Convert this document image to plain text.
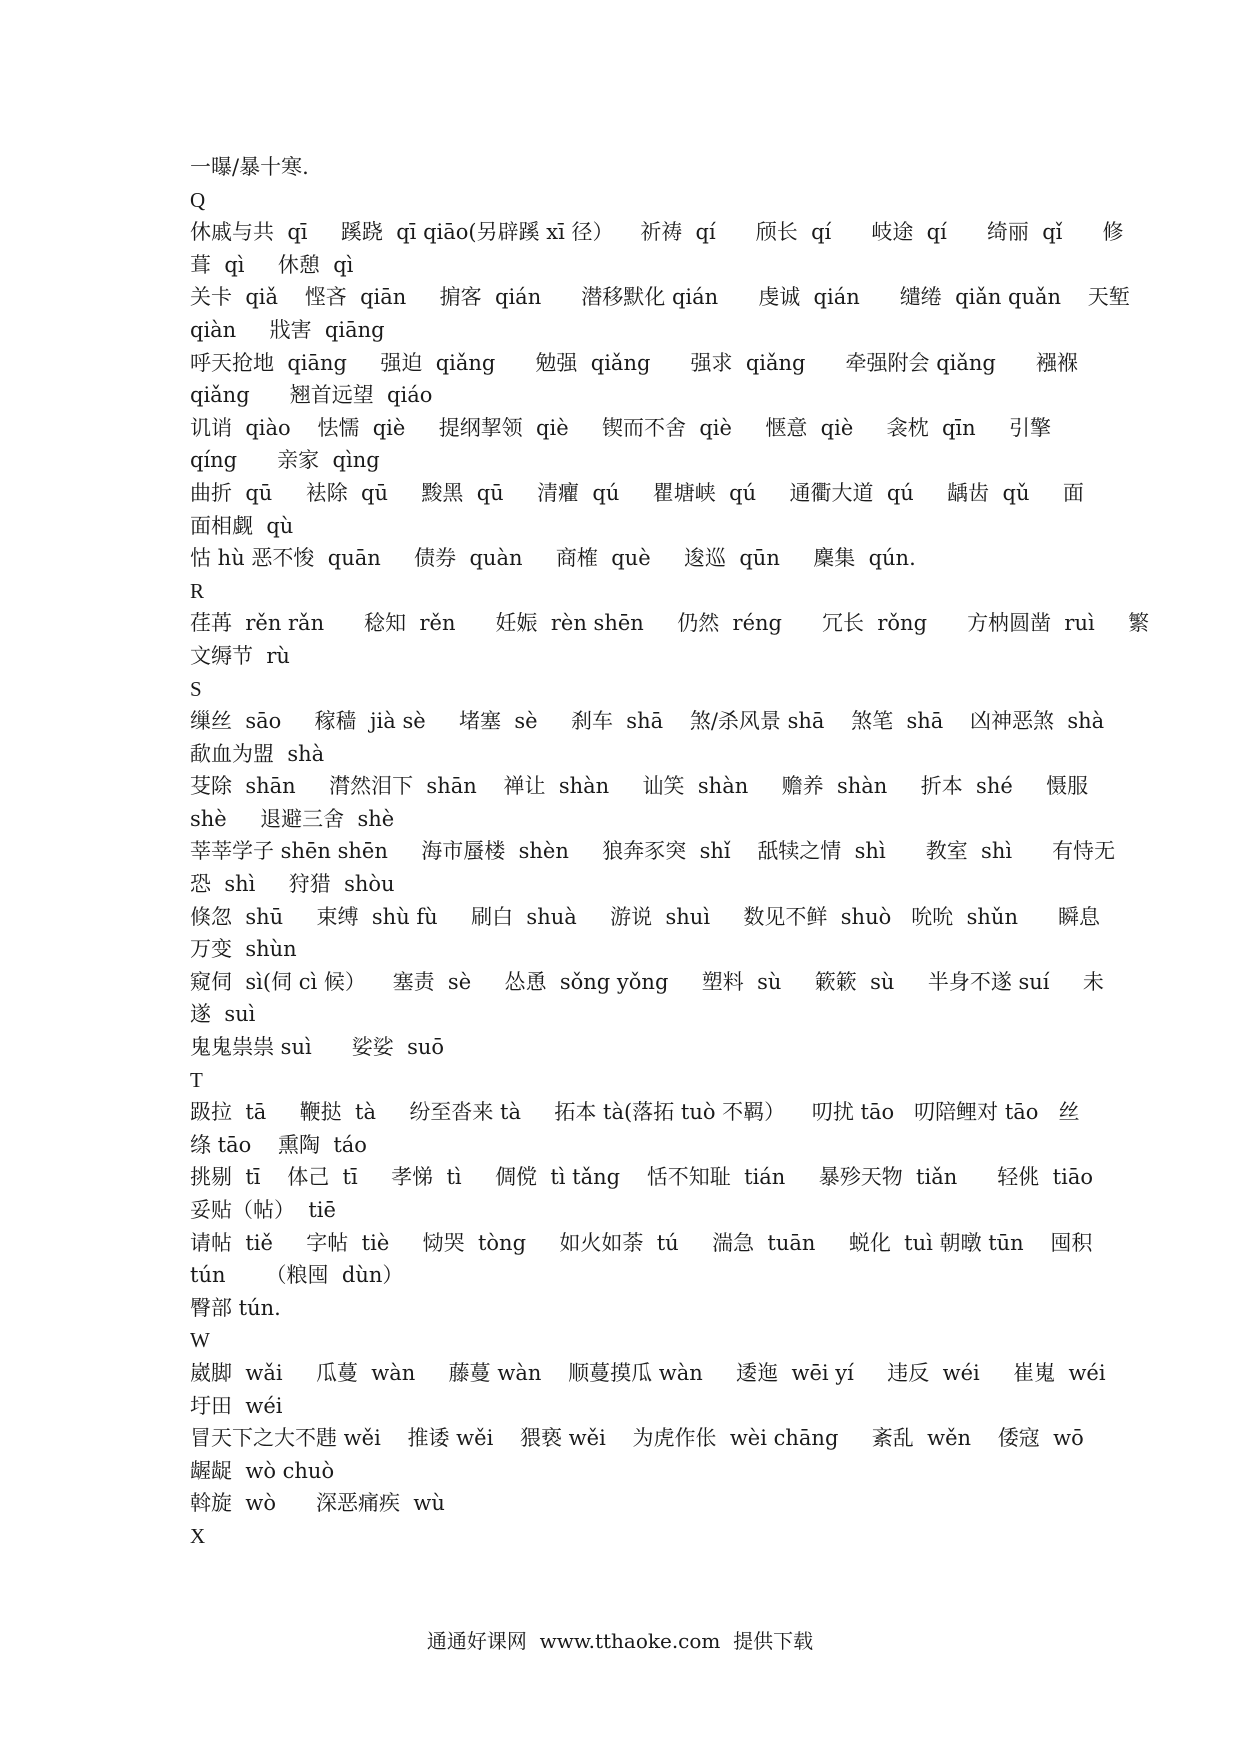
一曝/暴十寒.
Q
休戚与共  qī     蹊跷  qī qiāo(另辟蹊 xī 径）    祈祷  qí      颀长  qí      岐途  qí      绮丽  qǐ      修
葺  qì     休憩  qì
关卡  qiǎ    悭吝  qiān     掮客  qián      潜移默化 qián      虔诚  qián      缱绻  qiǎn quǎn    天堑
qiàn     戕害  qiāng
呼天抢地  qiāng     强迫  qiǎng      勉强  qiǎng      强求  qiǎng      牵强附会 qiǎng      襁褓
qiǎng      翘首远望  qiáo
讥诮  qiào    怯懦  qiè     提纲挈领  qiè     锲而不舍  qiè     惬意  qiè     衾枕  qīn     引擎
qíng      亲家  qìng
曲折  qū     袪除  qū     黢黑  qū     清癯  qú     瞿塘峡  qú     通衢大道  qú     龋齿  qǔ     面
面相觑  qù
怙 hù 恶不悛  quān     债券  quàn     商榷  què     逡巡  qūn     麇集  qún.
R
荏苒  rěn rǎn      稔知  rěn      妊娠  rèn shēn     仍然  réng      冗长  rǒng      方枘圆凿  ruì     繁
文缛节  rù
S
缫丝  sāo     稼穑  jià sè     堵塞  sè     刹车  shā    煞/杀风景 shā    煞笔  shā    凶神恶煞  shà
歃血为盟  shà
芟除  shān     潸然泪下  shān    禅让  shàn     讪笑  shàn     赡养  shàn     折本  shé     慑服
shè     退避三舍  shè
莘莘学子 shēn shēn     海市蜃楼  shèn     狼奔豕突  shǐ    舐犊之情  shì      教室  shì      有恃无
恐  shì     狩猎  shòu
倏忽  shū     束缚  shù fù     刷白  shuà     游说  shuì     数见不鲜  shuò   吮吮  shǔn      瞬息
万变  shùn
窥伺  sì(伺 cì 候）    塞责  sè     怂恿  sǒng yǒng     塑料  sù     簌簌  sù     半身不遂 suí     未
遂  suì
鬼鬼祟祟 suì      娑娑  suō
T
趿拉  tā     鞭挞  tà     纷至沓来 tà     拓本 tà(落拓 tuò 不羁）    叨扰 tāo   叨陪鲤对 tāo   丝
绦 tāo    熏陶  táo
挑剔  tī    体己  tī     孝悌  tì     倜傥  tì tǎng    恬不知耻  tián     暴殄天物  tiǎn      轻佻  tiāo
妥贴（帖）  tiē
请帖  tiě     字帖  tiè     恸哭  tòng     如火如荼  tú     湍急  tuān     蜕化  tuì 朝暾 tūn    囤积
tún      （粮囤  dùn）
臀部 tún.
W
崴脚  wǎi     瓜蔓  wàn     藤蔓 wàn    顺蔓摸瓜 wàn     逶迤  wēi yí     违反  wéi     崔嵬  wéi
圩田  wéi
冒天下之大不韪 wěi    推诿 wěi    猥亵 wěi    为虎作伥  wèi chāng     紊乱  wěn    倭寇  wō
龌龊  wò chuò
斡旋  wò      深恶痛疾  wù
X
通通好课网  www.tthaoke.com  提供下载
